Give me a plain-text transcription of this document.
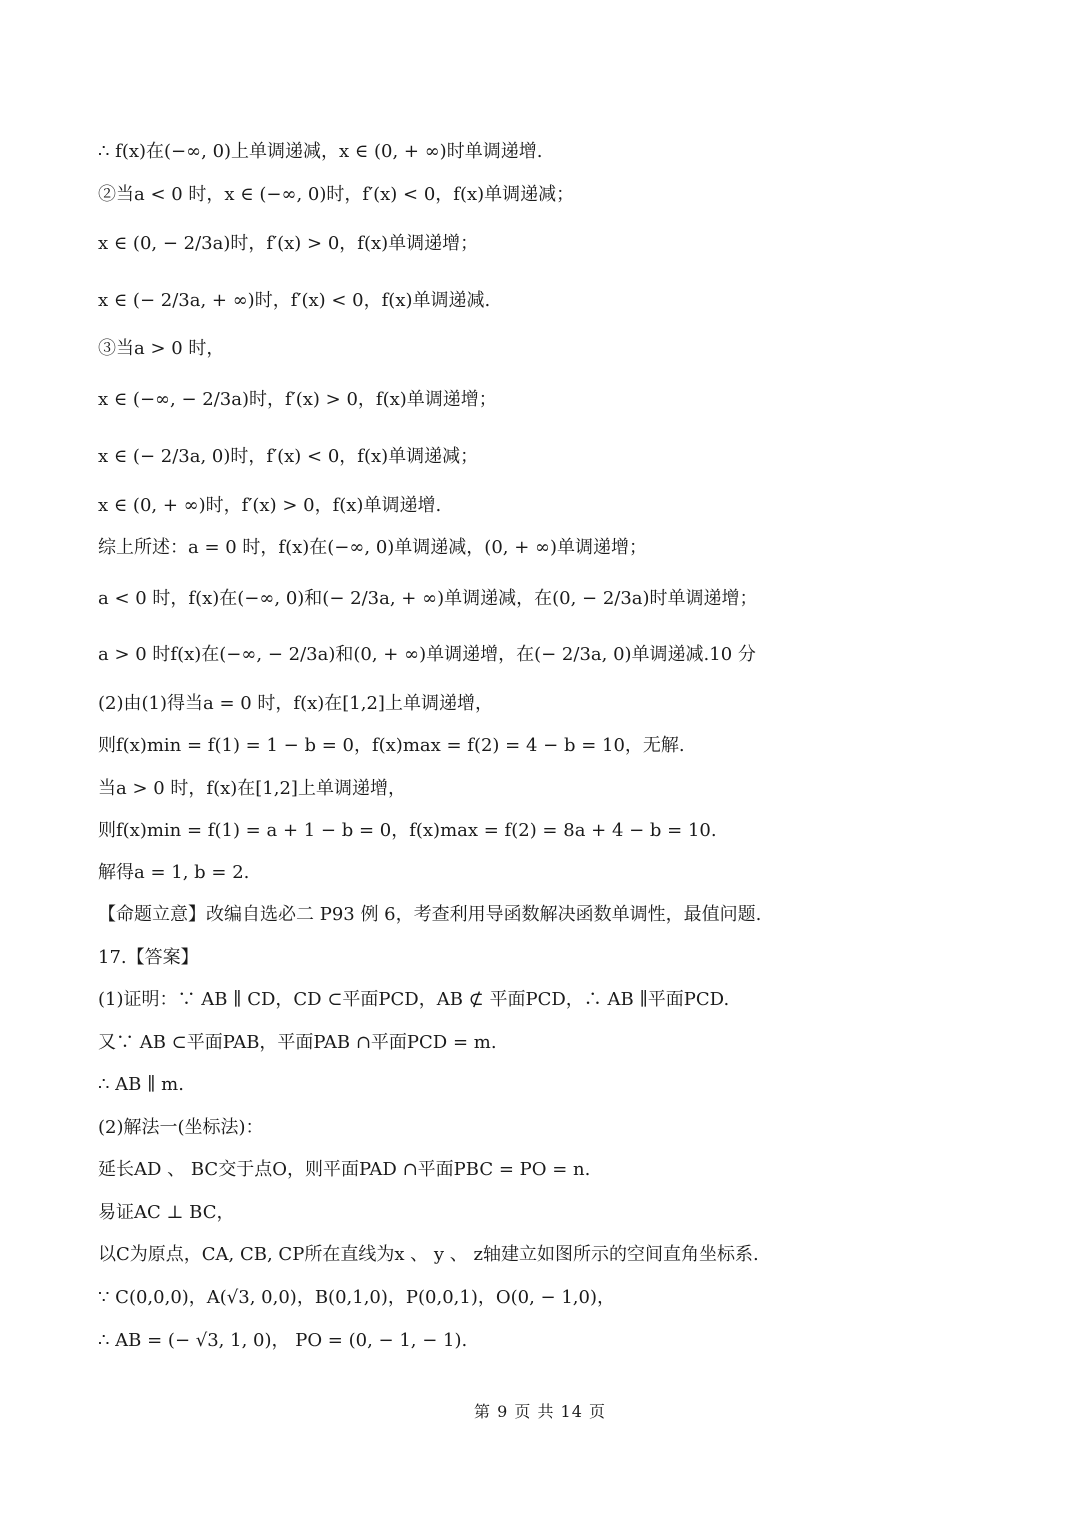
∴ f(x)在(−∞, 0)上单调递减，x ∈ (0, + ∞)时单调递增.
②当a < 0 时，x ∈ (−∞, 0)时，f′(x) < 0，f(x)单调递减；
x ∈ (0, − 2/3a)时，f′(x) > 0，f(x)单调递增；
x ∈ (− 2/3a, + ∞)时，f′(x) < 0，f(x)单调递减.
③当a > 0 时，
x ∈ (−∞, − 2/3a)时，f′(x) > 0，f(x)单调递增；
x ∈ (− 2/3a, 0)时，f′(x) < 0，f(x)单调递减；
x ∈ (0, + ∞)时，f′(x) > 0，f(x)单调递增.
综上所述：a = 0 时，f(x)在(−∞, 0)单调递减，(0, + ∞)单调递增；
a < 0 时，f(x)在(−∞, 0)和(− 2/3a, + ∞)单调递减，在(0, − 2/3a)时单调递增；
a > 0 时f(x)在(−∞, − 2/3a)和(0, + ∞)单调递增，在(− 2/3a, 0)单调递减.10 分
(2)由(1)得当a = 0 时，f(x)在[1,2]上单调递增，
则f(x)min = f(1) = 1 − b = 0，f(x)max = f(2) = 4 − b = 10，无解.
当a > 0 时，f(x)在[1,2]上单调递增，
则f(x)min = f(1) = a + 1 − b = 0，f(x)max = f(2) = 8a + 4 − b = 10.
解得a = 1, b = 2.
【命题立意】改编自选必二 P93 例 6，考查利用导函数解决函数单调性，最值问题.
17.【答案】
(1)证明：∵ AB ∥ CD，CD ⊂平面PCD，AB ⊄ 平面PCD，∴ AB ∥平面PCD.
又∵ AB ⊂平面PAB，平面PAB ∩平面PCD = m.
∴ AB ∥ m.
(2)解法一(坐标法)：
延长AD 、 BC交于点O，则平面PAD ∩平面PBC = PO = n.
易证AC ⊥ BC，
以C为原点，CA, CB, CP所在直线为x 、 y 、 z轴建立如图所示的空间直角坐标系.
∵ C(0,0,0)，A(√3, 0,0)，B(0,1,0)，P(0,0,1)，O(0, − 1,0)，
∴ AB = (− √3, 1, 0)， PO = (0, − 1, − 1).
第 9 页 共 14 页
